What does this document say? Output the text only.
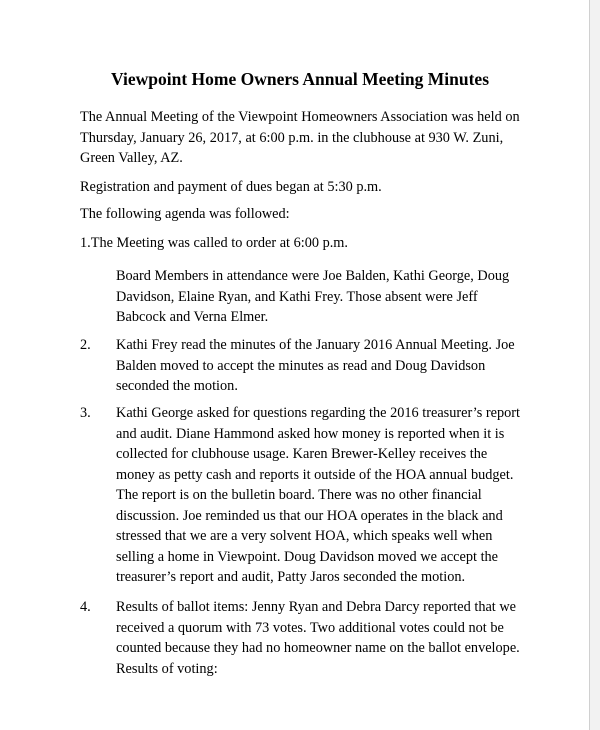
Viewpoint Home Owners Annual Meeting Minutes
The Annual Meeting of the Viewpoint Homeowners Association was held on Thursday, January 26, 2017, at 6:00 p.m. in the clubhouse at 930 W. Zuni, Green Valley, AZ.
Registration and payment of dues began at 5:30 p.m.
The following agenda was followed:
1.The Meeting was called to order at 6:00 p.m.
Board Members in attendance were Joe Balden, Kathi George, Doug Davidson, Elaine Ryan, and Kathi Frey. Those absent were Jeff Babcock and Verna Elmer.
2. Kathi Frey read the minutes of the January 2016 Annual Meeting. Joe Balden moved to accept the minutes as read and Doug Davidson seconded the motion.
3. Kathi George asked for questions regarding the 2016 treasurer’s report and audit. Diane Hammond asked how money is reported when it is collected for clubhouse usage. Karen Brewer-Kelley receives the money as petty cash and reports it outside of the HOA annual budget. The report is on the bulletin board. There was no other financial discussion. Joe reminded us that our HOA operates in the black and stressed that we are a very solvent HOA, which speaks well when selling a home in Viewpoint. Doug Davidson moved we accept the treasurer’s report and audit, Patty Jaros seconded the motion.
4. Results of ballot items: Jenny Ryan and Debra Darcy reported that we received a quorum with 73 votes. Two additional votes could not be counted because they had no homeowner name on the ballot envelope. Results of voting:
